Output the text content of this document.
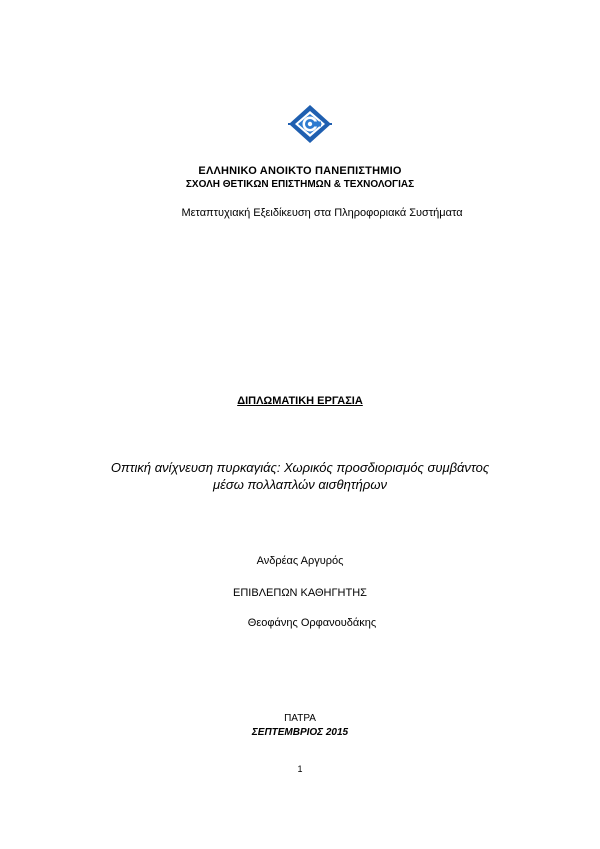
ΕΛΛΗΝΙΚΟ ΑΝΟΙΚΤΟ ΠΑΝΕΠΙΣΤΗΜΙΟ
ΣΧΟΛΗ ΘΕΤΙΚΩΝ ΕΠΙΣΤΗΜΩΝ & ΤΕΧΝΟΛΟΓΙΑΣ
Μεταπτυχιακή Εξειδίκευση στα Πληροφοριακά Συστήματα
ΔΙΠΛΩΜΑΤΙΚΗ ΕΡΓΑΣΙΑ
Οπτική ανίχνευση πυρκαγιάς: Χωρικός προσδιορισμός συμβάντος
μέσω πολλαπλών αισθητήρων
Ανδρέας Αργυρός
ΕΠΙΒΛΕΠΩΝ ΚΑΘΗΓΗΤΗΣ
Θεοφάνης Ορφανουδάκης
ΠΑΤΡΑ
ΣΕΠΤΕΜΒΡΙΟΣ 2015
1
